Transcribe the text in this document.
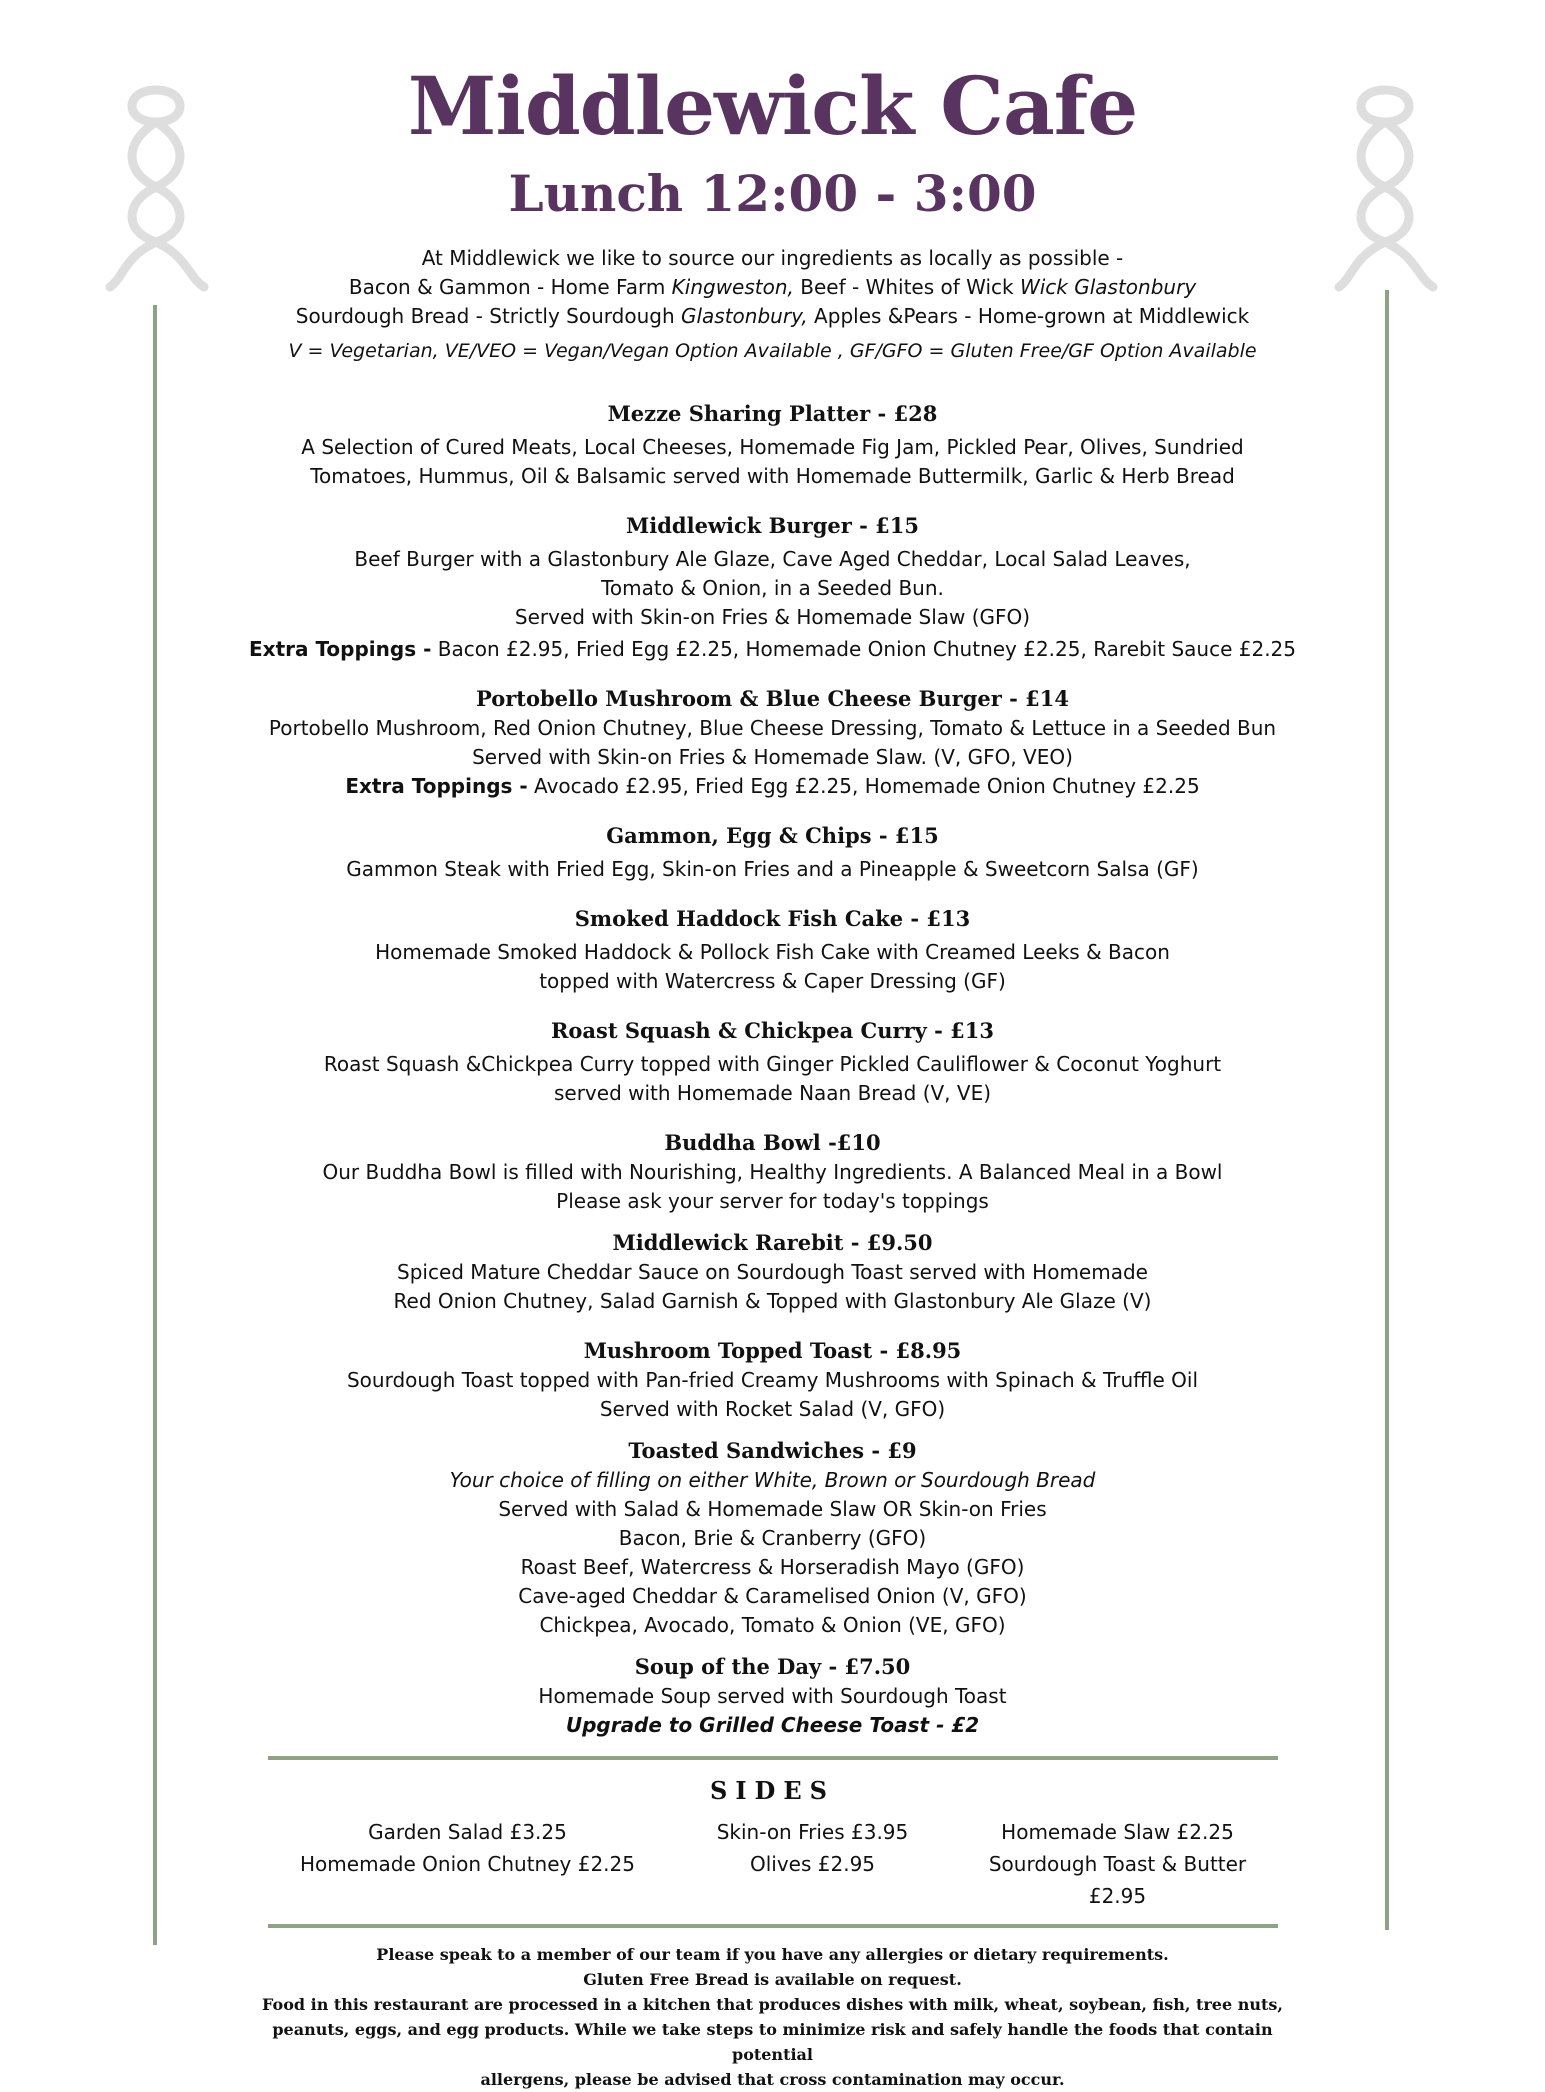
Middlewick Cafe
Lunch 12:00 - 3:00
At Middlewick we like to source our ingredients as locally as possible -
Bacon & Gammon - Home Farm Kingweston, Beef - Whites of Wick Wick Glastonbury
Sourdough Bread - Strictly Sourdough Glastonbury, Apples &Pears - Home-grown at Middlewick
V = Vegetarian, VE/VEO = Vegan/Vegan Option Available , GF/GFO = Gluten Free/GF Option Available
Mezze Sharing Platter - £28
A Selection of Cured Meats, Local Cheeses, Homemade Fig Jam, Pickled Pear, Olives, Sundried
Tomatoes, Hummus, Oil & Balsamic served with Homemade Buttermilk, Garlic & Herb Bread
Middlewick Burger - £15
Beef Burger with a Glastonbury Ale Glaze, Cave Aged Cheddar, Local Salad Leaves,
Tomato & Onion, in a Seeded Bun.
Served with Skin-on Fries & Homemade Slaw (GFO)
Extra Toppings - Bacon £2.95, Fried Egg £2.25, Homemade Onion Chutney £2.25, Rarebit Sauce £2.25
Portobello Mushroom & Blue Cheese Burger - £14
Portobello Mushroom, Red Onion Chutney, Blue Cheese Dressing, Tomato & Lettuce in a Seeded Bun
Served with Skin-on Fries & Homemade Slaw. (V, GFO, VEO)
Extra Toppings - Avocado £2.95, Fried Egg £2.25, Homemade Onion Chutney £2.25
Gammon, Egg & Chips - £15
Gammon Steak with Fried Egg, Skin-on Fries and a Pineapple & Sweetcorn Salsa (GF)
Smoked Haddock Fish Cake - £13
Homemade Smoked Haddock & Pollock Fish Cake with Creamed Leeks & Bacon
topped with Watercress & Caper Dressing (GF)
Roast Squash & Chickpea Curry - £13
Roast Squash &Chickpea Curry topped with Ginger Pickled Cauliflower & Coconut Yoghurt
served with Homemade Naan Bread (V, VE)
Buddha Bowl -£10
Our Buddha Bowl is filled with Nourishing, Healthy Ingredients. A Balanced Meal in a Bowl
Please ask your server for today's toppings
Middlewick Rarebit - £9.50
Spiced Mature Cheddar Sauce on Sourdough Toast served with Homemade
Red Onion Chutney, Salad Garnish & Topped with Glastonbury Ale Glaze (V)
Mushroom Topped Toast - £8.95
Sourdough Toast topped with Pan-fried Creamy Mushrooms with Spinach & Truffle Oil
Served with Rocket Salad (V, GFO)
Toasted Sandwiches - £9
Your choice of filling on either White, Brown or Sourdough Bread
Served with Salad & Homemade Slaw OR Skin-on Fries
Bacon, Brie & Cranberry (GFO)
Roast Beef, Watercress & Horseradish Mayo (GFO)
Cave-aged Cheddar & Caramelised Onion (V, GFO)
Chickpea, Avocado, Tomato & Onion (VE, GFO)
Soup of the Day - £7.50
Homemade Soup served with Sourdough Toast
Upgrade to Grilled Cheese Toast - £2
SIDES
Garden Salad £3.25	Skin-on Fries £3.95	Homemade Slaw £2.25
Homemade Onion Chutney £2.25	Olives £2.95	Sourdough Toast & Butter £2.95
Please speak to a member of our team if you have any allergies or dietary requirements.
Gluten Free Bread is available on request.
Food in this restaurant are processed in a kitchen that produces dishes with milk, wheat, soybean, fish, tree nuts,
peanuts, eggs, and egg products. While we take steps to minimize risk and safely handle the foods that contain potential
allergens, please be advised that cross contamination may occur.
